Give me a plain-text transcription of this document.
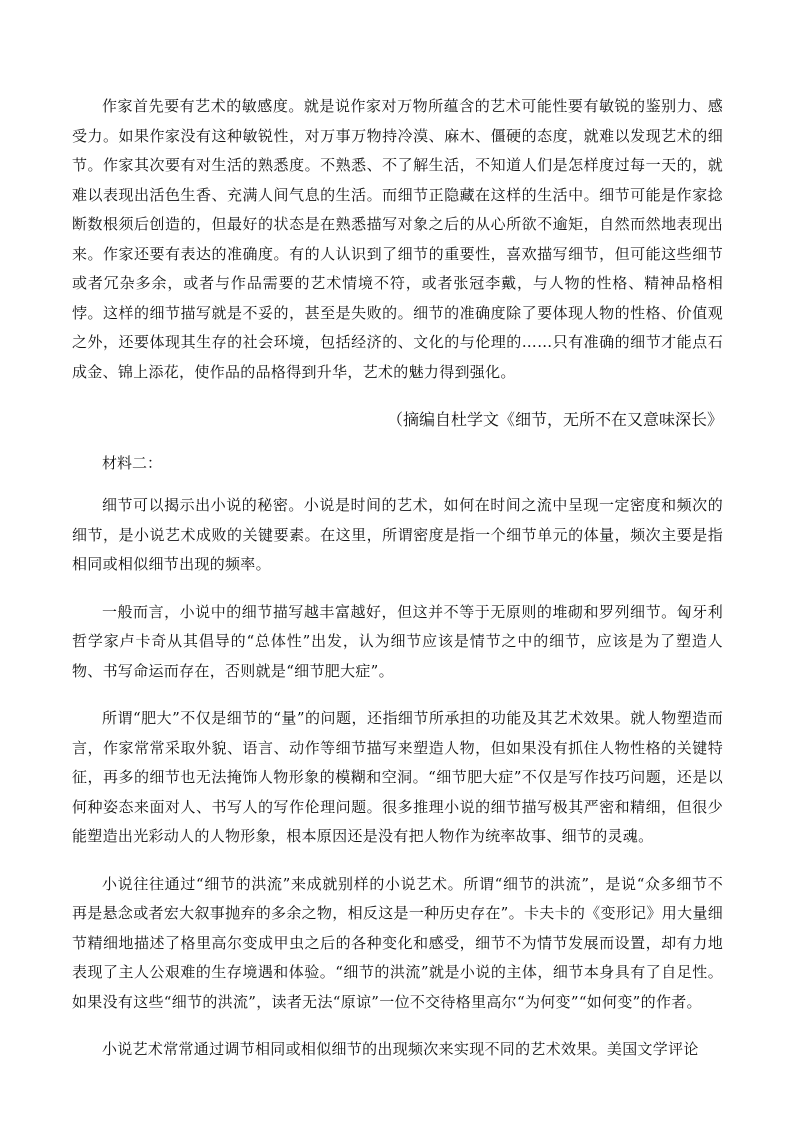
作家首先要有艺术的敏感度。就是说作家对万物所蕴含的艺术可能性要有敏锐的鉴别力、感受力。如果作家没有这种敏锐性，对万事万物持冷漠、麻木、僵硬的态度，就难以发现艺术的细节。作家其次要有对生活的熟悉度。不熟悉、不了解生活，不知道人们是怎样度过每一天的，就难以表现出活色生香、充满人间气息的生活。而细节正隐藏在这样的生活中。细节可能是作家捻断数根须后创造的，但最好的状态是在熟悉描写对象之后的从心所欲不逾矩，自然而然地表现出来。作家还要有表达的准确度。有的人认识到了细节的重要性，喜欢描写细节，但可能这些细节或者冗杂多余，或者与作品需要的艺术情境不符，或者张冠李戴，与人物的性格、精神品格相悖。这样的细节描写就是不妥的，甚至是失败的。细节的准确度除了要体现人物的性格、价值观之外，还要体现其生存的社会环境，包括经济的、文化的与伦理的……只有准确的细节才能点石成金、锦上添花，使作品的品格得到升华，艺术的魅力得到强化。

（摘编自杜学文《细节，无所不在又意味深长》

材料二：

细节可以揭示出小说的秘密。小说是时间的艺术，如何在时间之流中呈现一定密度和频次的细节，是小说艺术成败的关键要素。在这里，所谓密度是指一个细节单元的体量，频次主要是指相同或相似细节出现的频率。

一般而言，小说中的细节描写越丰富越好，但这并不等于无原则的堆砌和罗列细节。匈牙利哲学家卢卡奇从其倡导的“总体性”出发，认为细节应该是情节之中的细节，应该是为了塑造人物、书写命运而存在，否则就是“细节肥大症”。

所谓“肥大”不仅是细节的“量”的问题，还指细节所承担的功能及其艺术效果。就人物塑造而言，作家常常采取外貌、语言、动作等细节描写来塑造人物，但如果没有抓住人物性格的关键特征，再多的细节也无法掩饰人物形象的模糊和空洞。“细节肥大症”不仅是写作技巧问题，还是以何种姿态来面对人、书写人的写作伦理问题。很多推理小说的细节描写极其严密和精细，但很少能塑造出光彩动人的人物形象，根本原因还是没有把人物作为统率故事、细节的灵魂。

小说往往通过“细节的洪流”来成就别样的小说艺术。所谓“细节的洪流”，是说“众多细节不再是悬念或者宏大叙事抛弃的多余之物，相反这是一种历史存在”。卡夫卡的《变形记》用大量细节精细地描述了格里高尔变成甲虫之后的各种变化和感受，细节不为情节发展而设置，却有力地表现了主人公艰难的生存境遇和体验。“细节的洪流”就是小说的主体，细节本身具有了自足性。如果没有这些“细节的洪流”，读者无法“原谅”一位不交待格里高尔“为何变”“如何变”的作者。

小说艺术常常通过调节相同或相似细节的出现频次来实现不同的艺术效果。美国文学评论
